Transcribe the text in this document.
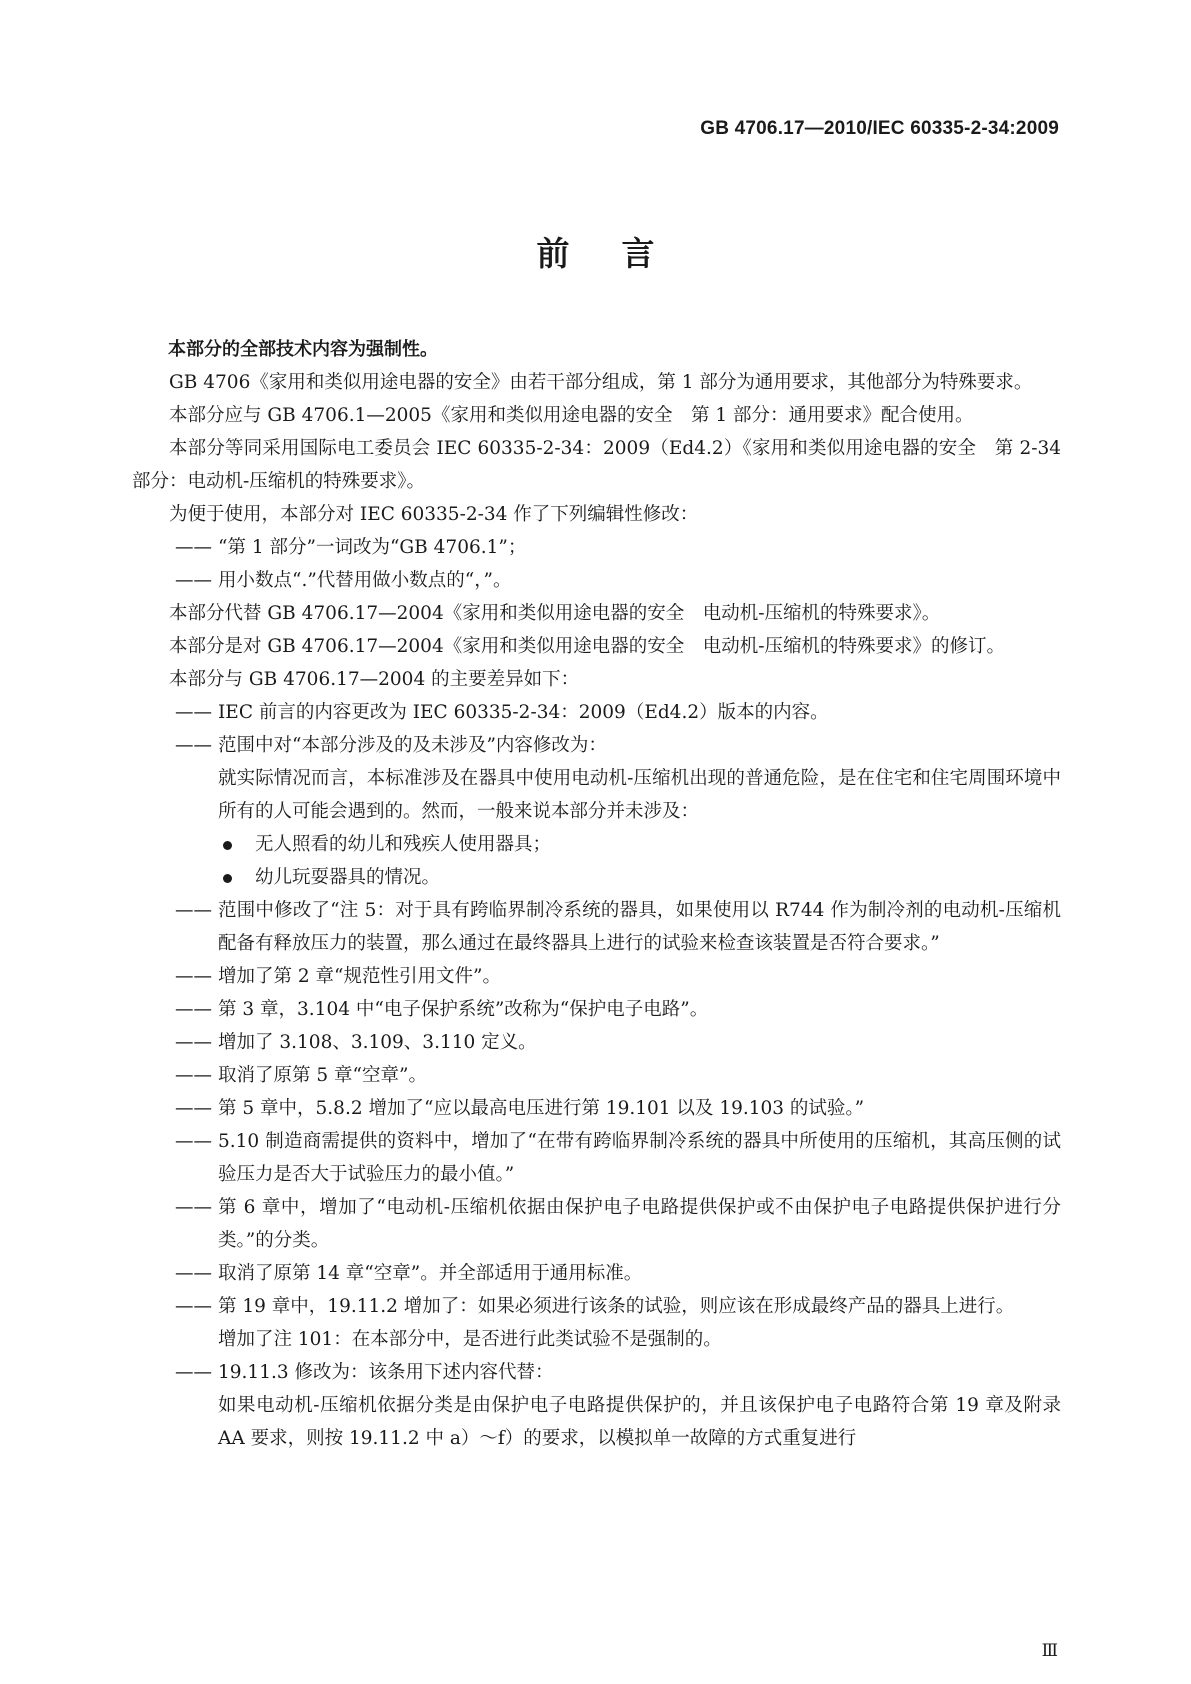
GB 4706.17—2010/IEC 60335-2-34:2009
前言

本部分的全部技术内容为强制性。

GB 4706《家用和类似用途电器的安全》由若干部分组成，第 1 部分为通用要求，其他部分为特殊要求。

本部分应与 GB 4706.1—2005《家用和类似用途电器的安全　第 1 部分：通用要求》配合使用。

本部分等同采用国际电工委员会 IEC 60335-2-34：2009（Ed4.2）《家用和类似用途电器的安全　第 2-34 部分：电动机-压缩机的特殊要求》。

为便于使用，本部分对 IEC 60335-2-34 作了下列编辑性修改：

—— “第 1 部分”一词改为“GB 4706.1”；

—— 用小数点“.”代替用做小数点的“，”。

本部分代替 GB 4706.17—2004《家用和类似用途电器的安全　电动机-压缩机的特殊要求》。

本部分是对 GB 4706.17—2004《家用和类似用途电器的安全　电动机-压缩机的特殊要求》的修订。

本部分与 GB 4706.17—2004 的主要差异如下：

—— IEC 前言的内容更改为 IEC 60335-2-34：2009（Ed4.2）版本的内容。

—— 范围中对“本部分涉及的及未涉及”内容修改为：

就实际情况而言，本标准涉及在器具中使用电动机-压缩机出现的普通危险，是在住宅和住宅周围环境中所有的人可能会遇到的。然而，一般来说本部分并未涉及：

无人照看的幼儿和残疾人使用器具；

幼儿玩耍器具的情况。

—— 范围中修改了“注 5：对于具有跨临界制冷系统的器具，如果使用以 R744 作为制冷剂的电动机-压缩机配备有释放压力的装置，那么通过在最终器具上进行的试验来检查该装置是否符合要求。”

—— 增加了第 2 章“规范性引用文件”。

—— 第 3 章，3.104 中“电子保护系统”改称为“保护电子电路”。

—— 增加了 3.108、3.109、3.110 定义。

—— 取消了原第 5 章“空章”。

—— 第 5 章中，5.8.2 增加了“应以最高电压进行第 19.101 以及 19.103 的试验。”

—— 5.10 制造商需提供的资料中，增加了“在带有跨临界制冷系统的器具中所使用的压缩机，其高压侧的试验压力是否大于试验压力的最小值。”

—— 第 6 章中，增加了“电动机-压缩机依据由保护电子电路提供保护或不由保护电子电路提供保护进行分类。”的分类。

—— 取消了原第 14 章“空章”。并全部适用于通用标准。

—— 第 19 章中，19.11.2 增加了：如果必须进行该条的试验，则应该在形成最终产品的器具上进行。

增加了注 101：在本部分中，是否进行此类试验不是强制的。

—— 19.11.3 修改为：该条用下述内容代替：

如果电动机-压缩机依据分类是由保护电子电路提供保护的，并且该保护电子电路符合第 19 章及附录 AA 要求，则按 19.11.2 中 a）～f）的要求，以模拟单一故障的方式重复进行

Ⅲ
